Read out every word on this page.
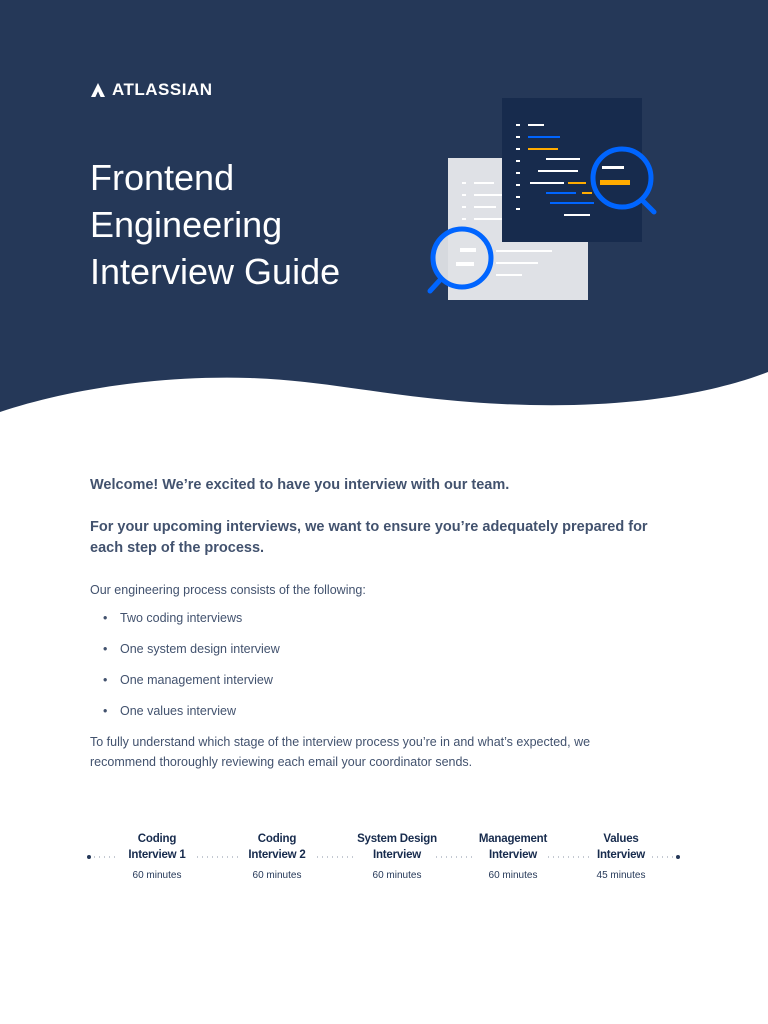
ATLASSIAN
Frontend
Engineering
Interview Guide

Welcome! We’re excited to have you interview with our team.

For your upcoming interviews, we want to ensure you’re adequately prepared for each step of the process.

Our engineering process consists of the following:

•	Two coding interviews
•	One system design interview
•	One management interview
•	One values interview

To fully understand which stage of the interview process you’re in and what’s expected, we recommend thoroughly reviewing each email your coordinator sends.

Coding
Interview 1
60 minutes
Coding
Interview 2
60 minutes
System Design
Interview
60 minutes
Management
Interview
60 minutes
Values
Interview
45 minutes
